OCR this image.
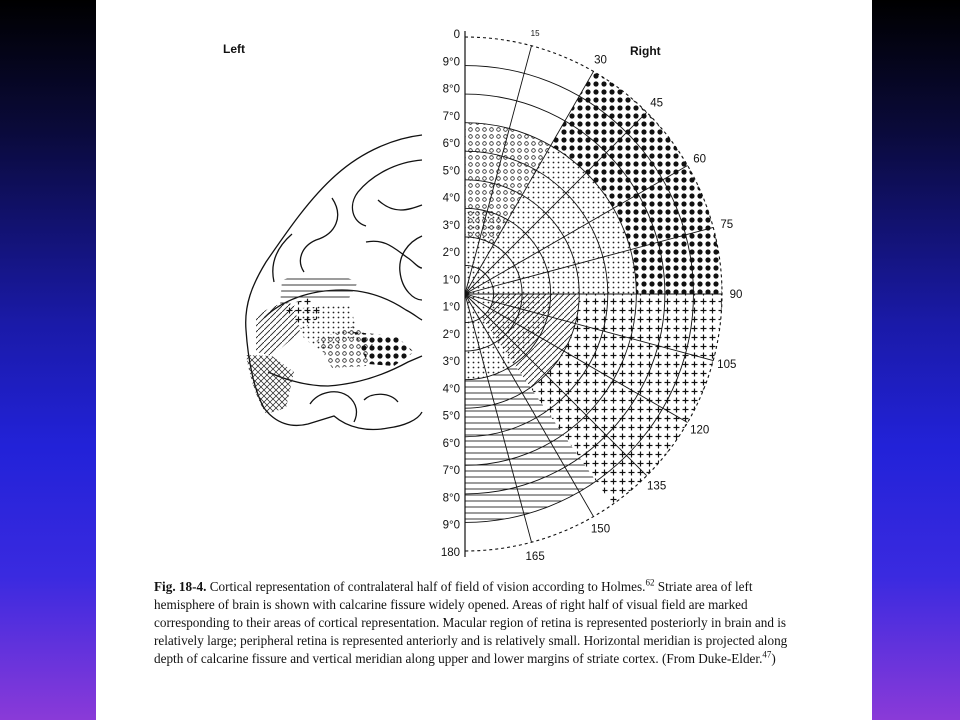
Left	Right
0
9°0
8°0
7°0
6°0
5°0
4°0
3°0
2°0
1°0
1°0
2°0
3°0
4°0
5°0
6°0
7°0
8°0
9°0
180
15
30
45
60
75
90
105
120
135
150
165
Fig. 18-4. Cortical representation of contralateral half of field of vision according to Holmes.$^{62}$ Striate area of left hemisphere of brain is shown with calcarine fissure widely opened. Areas of right half of visual field are marked corresponding to their areas of cortical representation. Macular region of retina is represented posteriorly in brain and is relatively large; peripheral retina is represented anteriorly and is relatively small. Horizontal meridian is projected along depth of calcarine fissure and vertical meridian along upper and lower margins of striate cortex. (From Duke-Elder.$^{47}$)
